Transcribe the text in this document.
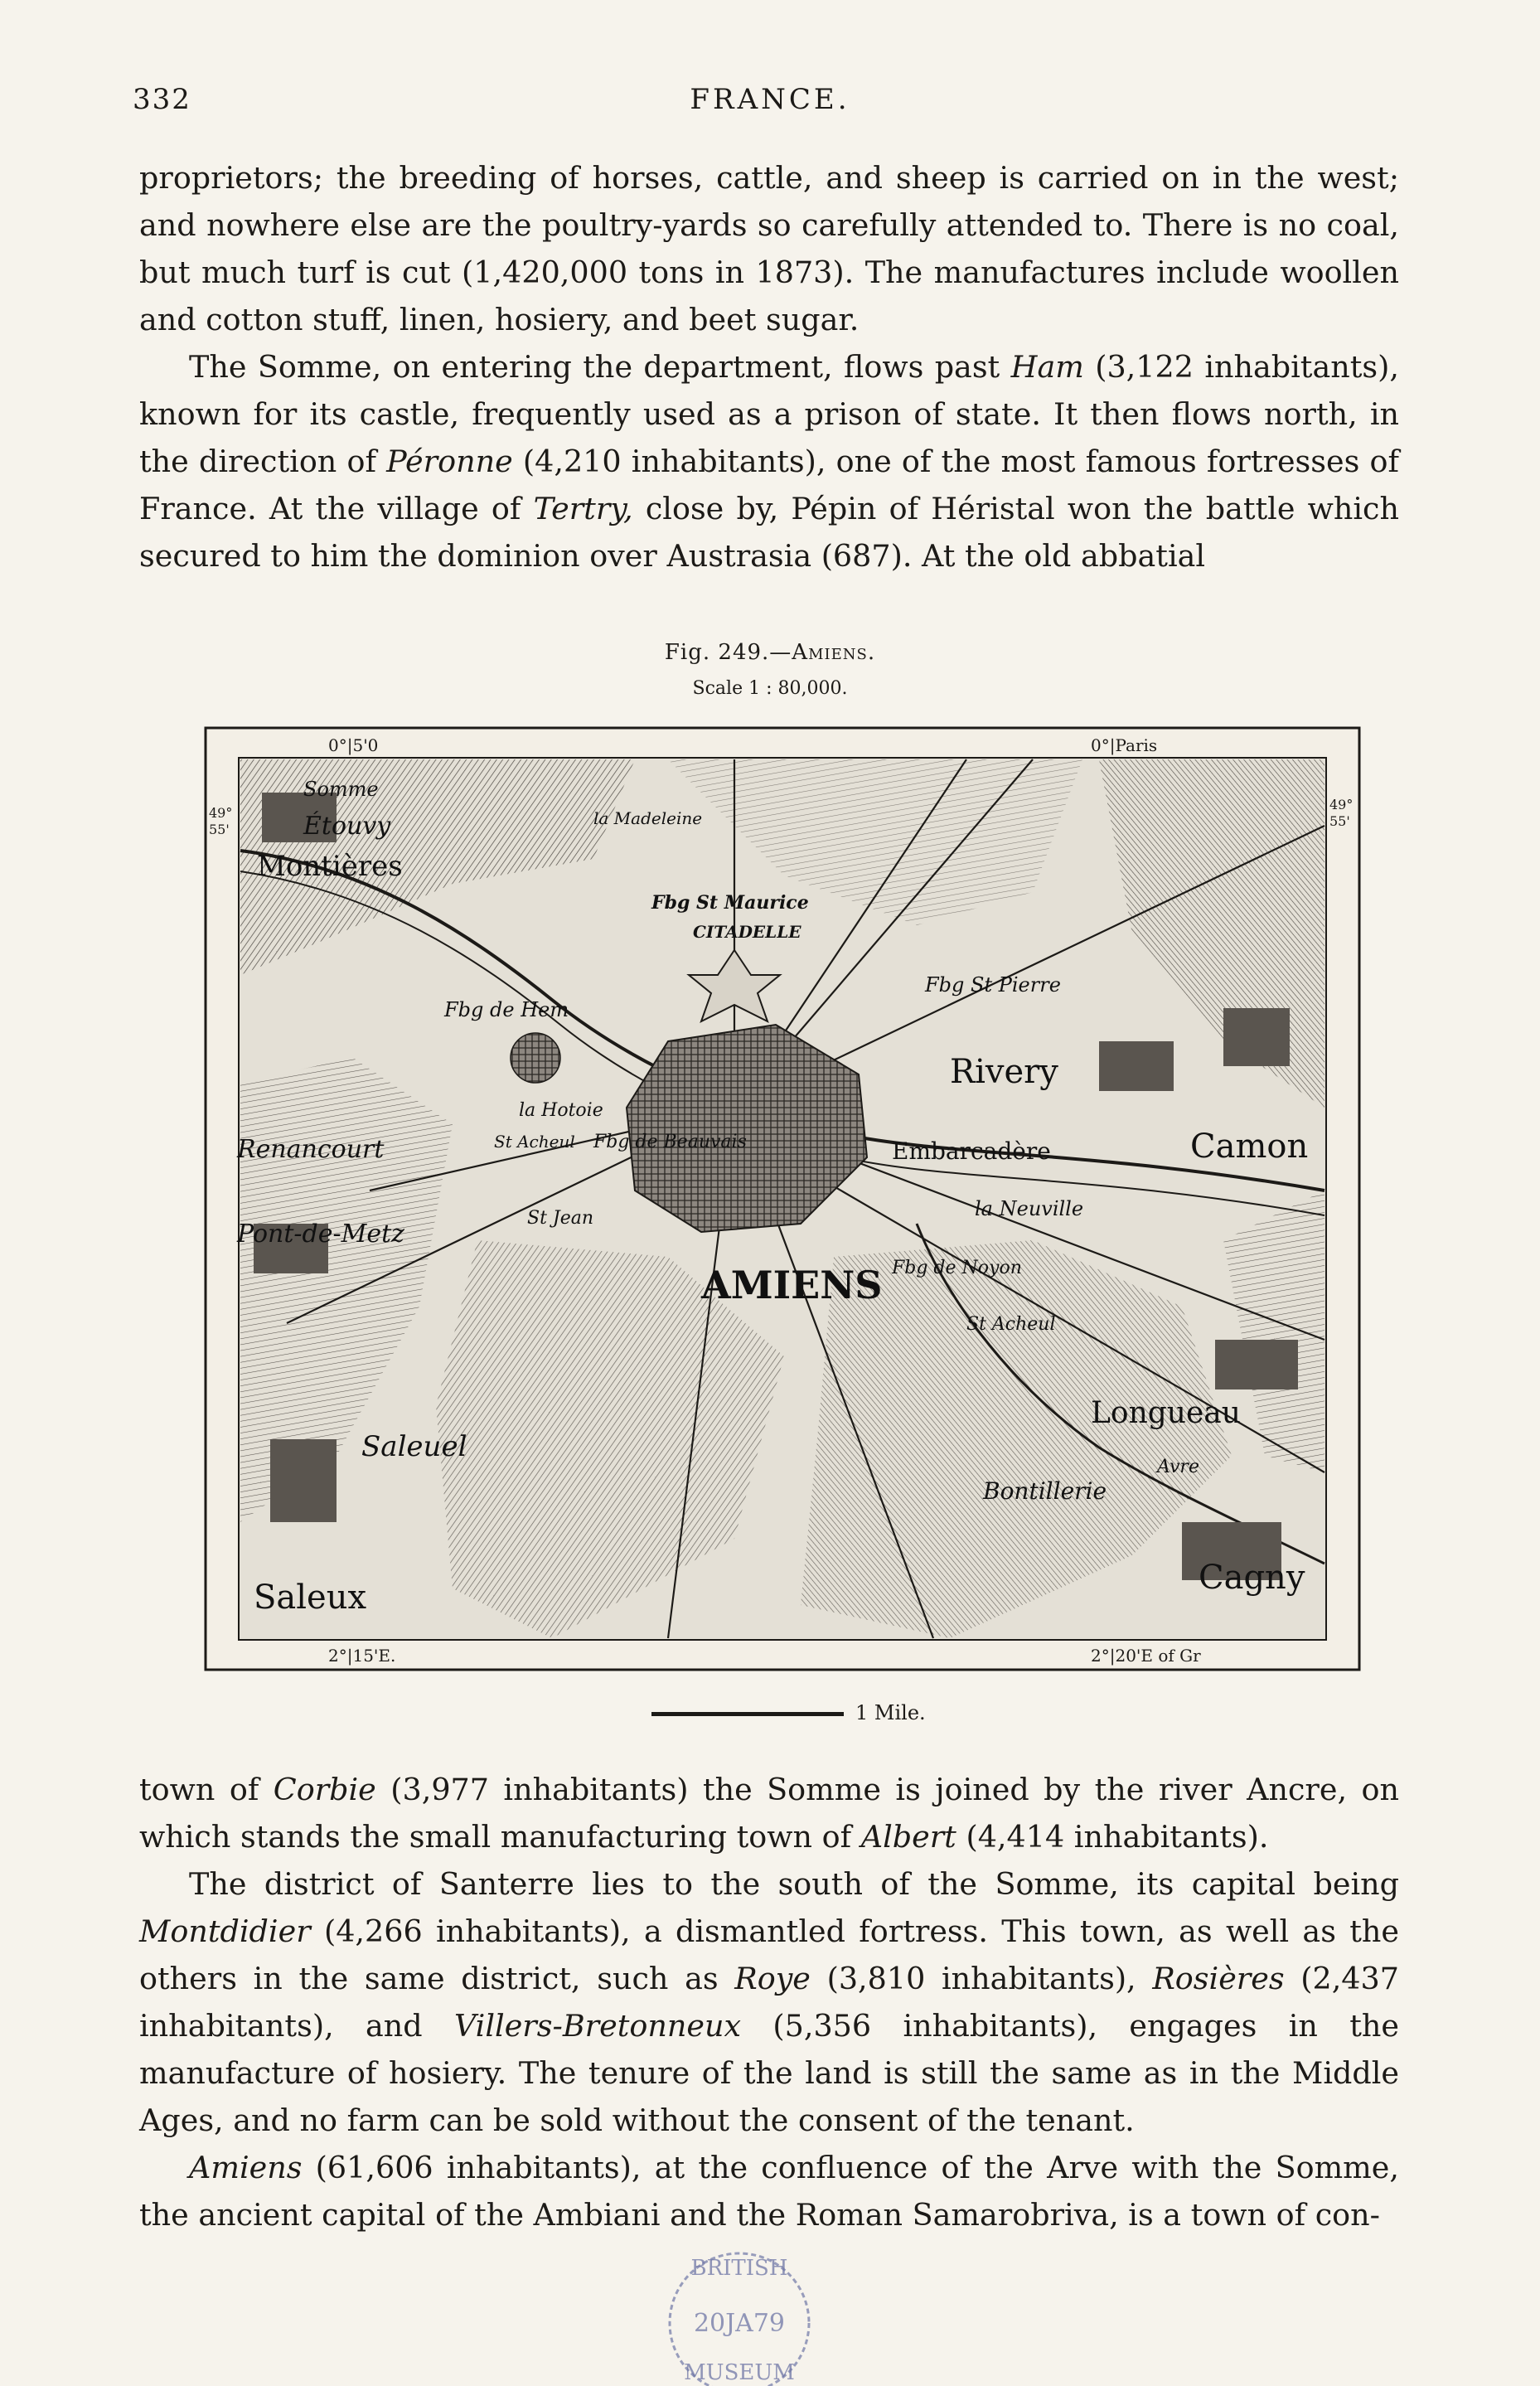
332	FRANCE.

proprietors; the breeding of horses, cattle, and sheep is carried on in the west; and nowhere else are the poultry-yards so carefully attended to. There is no coal, but much turf is cut (1,420,000 tons in 1873). The manufactures include woollen and cotton stuff, linen, hosiery, and beet sugar.

The Somme, on entering the department, flows past Ham (3,122 inhabitants), known for its castle, frequently used as a prison of state. It then flows north, in the direction of Péronne (4,210 inhabitants), one of the most famous fortresses of France. At the village of Tertry, close by, Pépin of Héristal won the battle which secured to him the dominion over Austrasia (687). At the old abbatial

Fig. 249.—Amiens.
Scale 1 : 80,000.
0°|5'0	0°|Paris
2°|15'E.	2°|20'E of Gr
49°
55'
49°
55'
Somme
Étouvy
Montières
la Madeleine
Fbg St Maurice
CITADELLE
Fbg St Pierre
Fbg de Hem
Rivery
la Hotoie
St Acheul
Renancourt	Fbg de Beauvais	Embarcadère	Camon
Pont-de-Metz
St Jean	la Neuville
AMIENS Fbg de Noyon
St Acheul
Longueau
Saleuel
Bontillerie
Avre
Saleux
Cagny
1 Mile.

town of Corbie (3,977 inhabitants) the Somme is joined by the river Ancre, on which stands the small manufacturing town of Albert (4,414 inhabitants).

The district of Santerre lies to the south of the Somme, its capital being Montdidier (4,266 inhabitants), a dismantled fortress. This town, as well as the others in the same district, such as Roye (3,810 inhabitants), Rosières (2,437 inhabitants), and Villers-Bretonneux (5,356 inhabitants), engages in the manufacture of hosiery. The tenure of the land is still the same as in the Middle Ages, and no farm can be sold without the consent of the tenant.

Amiens (61,606 inhabitants), at the confluence of the Arve with the Somme, the ancient capital of the Ambiani and the Roman Samarobriva, is a town of con-

BRITISH
20JA79
MUSEUM
